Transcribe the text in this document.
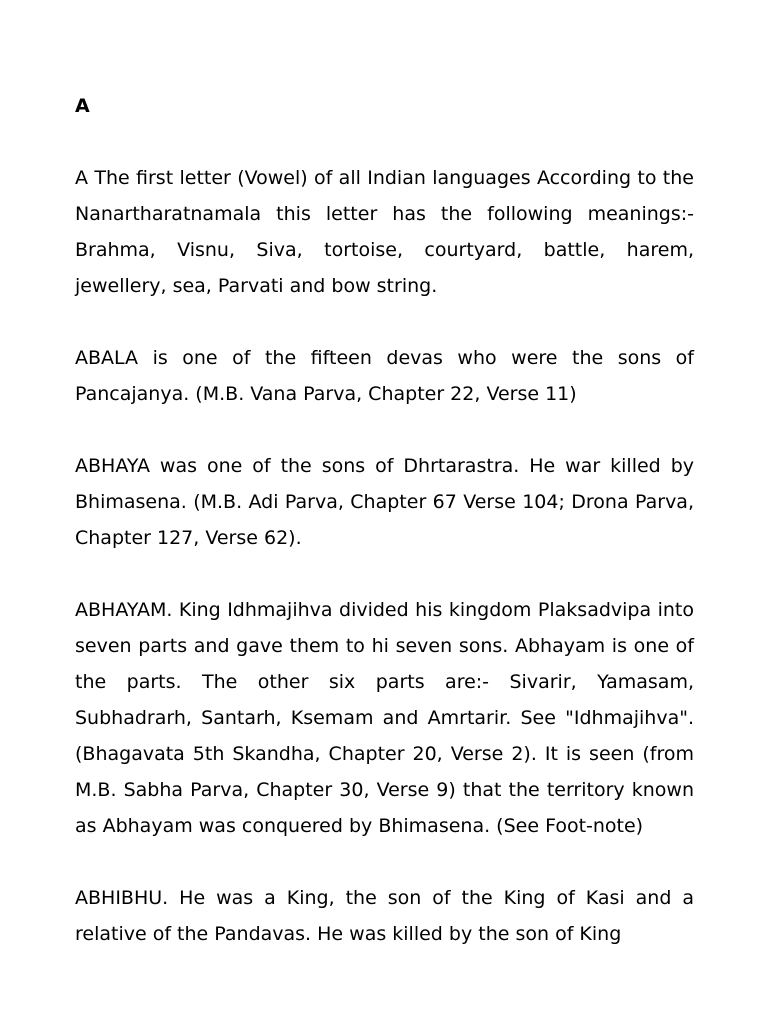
A

A The first letter (Vowel) of all Indian languages According to the Nanartharatnamala this letter has the following meanings:-Brahma, Visnu, Siva, tortoise, courtyard, battle, harem, jewellery, sea, Parvati and bow string.

ABALA is one of the fifteen devas who were the sons of Pancajanya. (M.B. Vana Parva, Chapter 22, Verse 11)

ABHAYA was one of the sons of Dhrtarastra. He war killed by Bhimasena. (M.B. Adi Parva, Chapter 67 Verse 104; Drona Parva, Chapter 127, Verse 62).

ABHAYAM. King Idhmajihva divided his kingdom Plaksadvipa into seven parts and gave them to hi seven sons. Abhayam is one of the parts. The other six parts are:- Sivarir, Yamasam, Subhadrarh, Santarh, Ksemam and Amrtarir. See "Idhmajihva". (Bhagavata 5th Skandha, Chapter 20, Verse 2). It is seen (from M.B. Sabha Parva, Chapter 30, Verse 9) that the territory known as Abhayam was conquered by Bhimasena. (See Foot-note)

ABHIBHU. He was a King, the son of the King of Kasi and a relative of the Pandavas. He was killed by the son of King
